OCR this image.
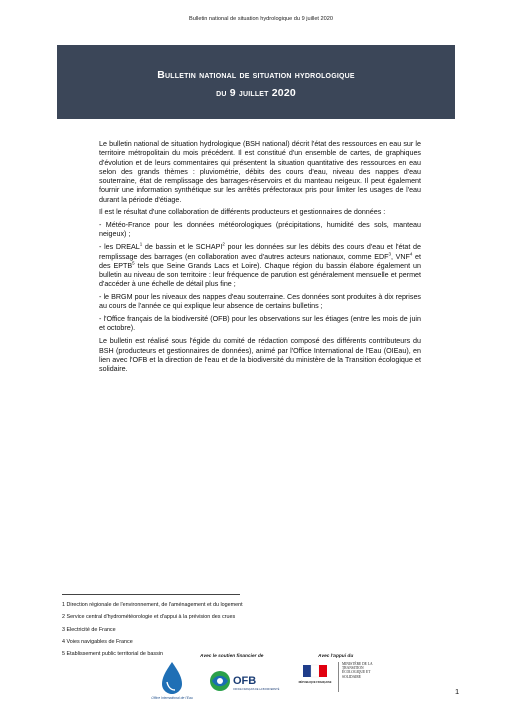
Bulletin national de situation hydrologique du 9 juillet 2020
Bulletin national de situation hydrologique
du 9 juillet 2020

Le bulletin national de situation hydrologique (BSH national) décrit l'état des ressources en eau sur le territoire métropolitain du mois précédent. Il est constitué d'un ensemble de cartes, de graphiques d'évolution et de leurs commentaires qui présentent la situation quantitative des ressources en eau selon des grands thèmes : pluviométrie, débits des cours d'eau, niveau des nappes d'eau souterraine, état de remplissage des barrages-réservoirs et du manteau neigeux. Il peut également fournir une information synthétique sur les arrêtés préfectoraux pris pour limiter les usages de l'eau durant la période d'étiage.

Il est le résultat d'une collaboration de différents producteurs et gestionnaires de données :

- Météo-France pour les données météorologiques (précipitations, humidité des sols, manteau neigeux) ;

- les DREAL$^1$ de bassin et le SCHAPI$^2$ pour les données sur les débits des cours d'eau et l'état de remplissage des barrages (en collaboration avec d'autres acteurs nationaux, comme EDF$^3$, VNF$^4$ et des EPTB$^5$ tels que Seine Grands Lacs et Loire). Chaque région du bassin élabore également un bulletin au niveau de son territoire : leur fréquence de parution est généralement mensuelle et permet d'accéder à une échelle de détail plus fine ;

- le BRGM pour les niveaux des nappes d'eau souterraine. Ces données sont produites à dix reprises au cours de l'année ce qui explique leur absence de certains bulletins ;

- l'Office français de la biodiversité (OFB) pour les observations sur les étiages (entre les mois de juin et octobre).

Le bulletin est réalisé sous l'égide du comité de rédaction composé des différents contributeurs du BSH (producteurs et gestionnaires de données), animé par l'Office International de l'Eau (OIEau), en lien avec l'OFB et la direction de l'eau et de la biodiversité du ministère de la Transition écologique et solidaire.

1 Direction régionale de l'environnement, de l'aménagement et du logement
2 Service central d'hydrométéorologie et d'appui à la prévision des crues
3 Electricité de France
4 Voies navigables de France
5 Etablissement public territorial de bassin	Avec le soutien financier de	Avec l'appui du
Office International de l'Eau
OFB
OFFICE FRANÇAIS DE LA BIODIVERSITÉ
RÉPUBLIQUE FRANÇAISE
MINISTÈRE DE LA TRANSITION ÉCOLOGIQUE ET SOLIDAIRE
1
